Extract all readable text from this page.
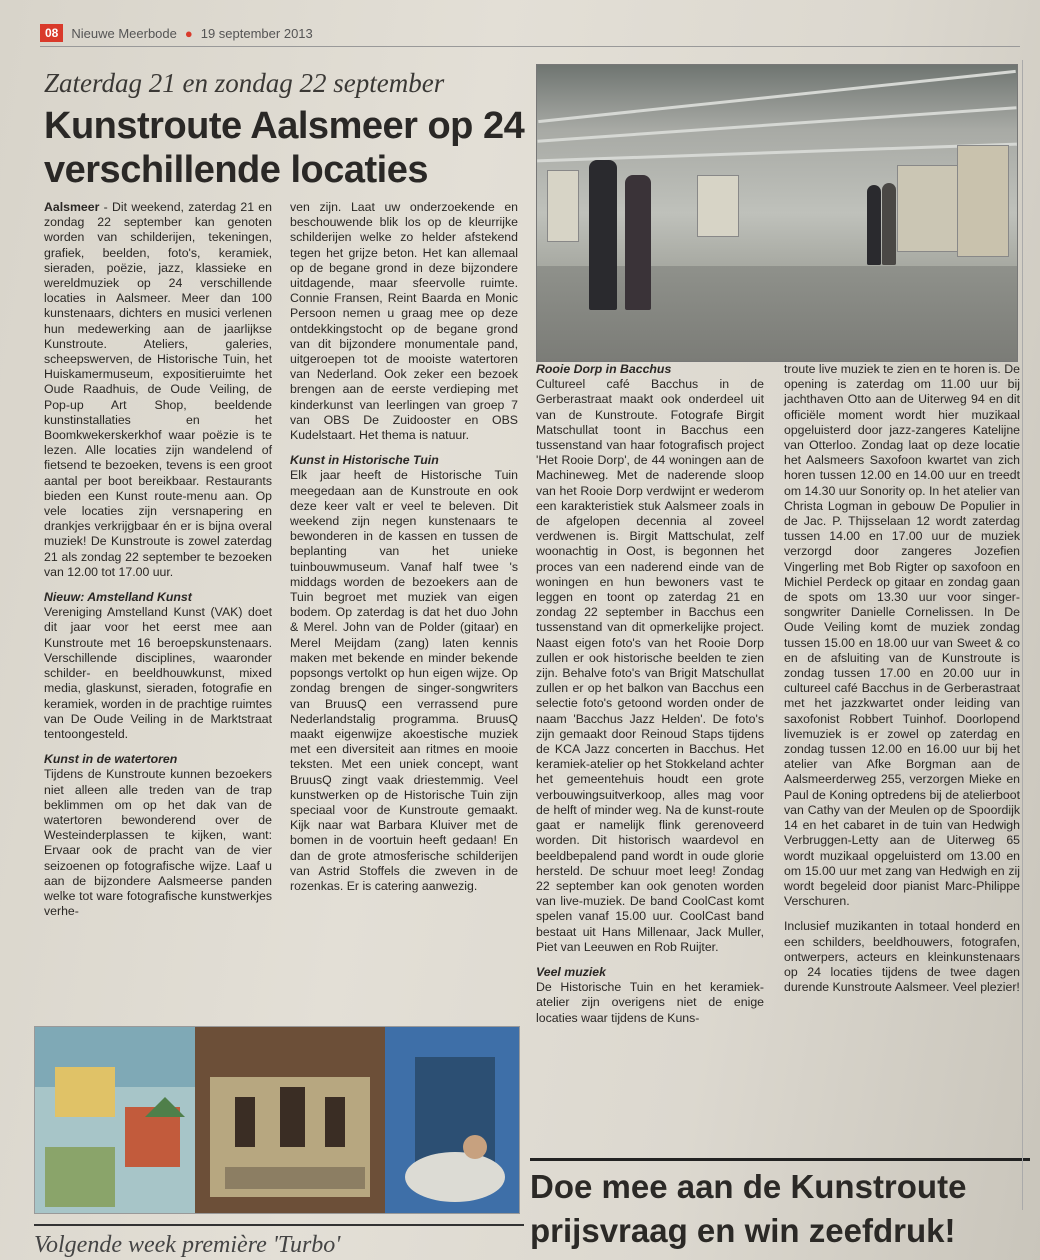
08	Nieuwe Meerbode ● 19 september 2013
Zaterdag 21 en zondag 22 september
Kunstroute Aalsmeer op 24 verschillende locaties

Aalsmeer - Dit weekend, zaterdag 21 en zondag 22 september kan genoten worden van schilderijen, tekeningen, grafiek, beelden, foto's, keramiek, sieraden, poëzie, jazz, klassieke en wereldmuziek op 24 verschillende locaties in Aalsmeer. Meer dan 100 kunstenaars, dichters en musici verlenen hun medewerking aan de jaarlijkse Kunstroute. Ateliers, galeries, scheepswerven, de Historische Tuin, het Huiskamermuseum, expositieruimte het Oude Raadhuis, de Oude Veiling, de Pop-up Art Shop, beeldende kunstinstallaties en het Boomkwekerskerkhof waar poëzie is te lezen. Alle locaties zijn wandelend of fietsend te bezoeken, tevens is een groot aantal per boot bereikbaar. Restaurants bieden een Kunst route-menu aan. Op vele locaties zijn versnapering en drankjes verkrijgbaar én er is bijna overal muziek! De Kunstroute is zowel zaterdag 21 als zondag 22 september te bezoeken van 12.00 tot 17.00 uur.

Nieuw: Amstelland Kunst

Vereniging Amstelland Kunst (VAK) doet dit jaar voor het eerst mee aan Kunstroute met 16 beroepskunstenaars. Verschillende disciplines, waaronder schilder- en beeldhouwkunst, mixed media, glaskunst, sieraden, fotografie en keramiek, worden in de prachtige ruimtes van De Oude Veiling in de Marktstraat tentoongesteld.

Kunst in de watertoren

Tijdens de Kunstroute kunnen bezoekers niet alleen alle treden van de trap beklimmen om op het dak van de watertoren bewonderend over de Westeinderplassen te kijken, want: Ervaar ook de pracht van de vier seizoenen op fotografische wijze. Laaf u aan de bijzondere Aalsmeerse panden welke tot ware fotografische kunstwerkjes verhe-

ven zijn. Laat uw onderzoekende en beschouwende blik los op de kleurrijke schilderijen welke zo helder afstekend tegen het grijze beton. Het kan allemaal op de begane grond in deze bijzondere uitdagende, maar sfeervolle ruimte. Connie Fransen, Reint Baarda en Monic Persoon nemen u graag mee op deze ontdekkingstocht op de begane grond van dit bijzondere monumentale pand, uitgeroepen tot de mooiste watertoren van Nederland. Ook zeker een bezoek brengen aan de eerste verdieping met kinderkunst van leerlingen van groep 7 van OBS De Zuidooster en OBS Kudelstaart. Het thema is natuur.

Kunst in Historische Tuin

Elk jaar heeft de Historische Tuin meegedaan aan de Kunstroute en ook deze keer valt er veel te beleven. Dit weekend zijn negen kunstenaars te bewonderen in de kassen en tussen de beplanting van het unieke tuinbouwmuseum. Vanaf half twee 's middags worden de bezoekers aan de Tuin begroet met muziek van eigen bodem. Op zaterdag is dat het duo John & Merel. John van de Polder (gitaar) en Merel Meijdam (zang) laten kennis maken met bekende en minder bekende popsongs vertolkt op hun eigen wijze. Op zondag brengen de singer-songwriters van BruusQ een verrassend pure Nederlandstalig programma. BruusQ maakt eigenwijze akoestische muziek met een diversiteit aan ritmes en mooie teksten. Met een uniek concept, want BruusQ zingt vaak driestemmig. Veel kunstwerken op de Historische Tuin zijn speciaal voor de Kunstroute gemaakt. Kijk naar wat Barbara Kluiver met de bomen in de voortuin heeft gedaan! En dan de grote atmosferische schilderijen van Astrid Stoffels die zweven in de rozenkas. Er is catering aanwezig.

Rooie Dorp in Bacchus

Cultureel café Bacchus in de Gerberastraat maakt ook onderdeel uit van de Kunstroute. Fotografe Birgit Matschullat toont in Bacchus een tussenstand van haar fotografisch project 'Het Rooie Dorp', de 44 woningen aan de Machineweg. Met de naderende sloop van het Rooie Dorp verdwijnt er wederom een karakteristiek stuk Aalsmeer zoals in de afgelopen decennia al zoveel verdwenen is. Birgit Mattschulat, zelf woonachtig in Oost, is begonnen het proces van een naderend einde van de woningen en hun bewoners vast te leggen en toont op zaterdag 21 en zondag 22 september in Bacchus een tussenstand van dit opmerkelijke project. Naast eigen foto's van het Rooie Dorp zullen er ook historische beelden te zien zijn. Behalve foto's van Brigit Matschullat zullen er op het balkon van Bacchus een selectie foto's getoond worden onder de naam 'Bacchus Jazz Helden'. De foto's zijn gemaakt door Reinoud Staps tijdens de KCA Jazz concerten in Bacchus. Het keramiek-atelier op het Stokkeland achter het gemeentehuis houdt een grote verbouwingsuitverkoop, alles mag voor de helft of minder weg. Na de kunst-route gaat er namelijk flink gerenoveerd worden. Dit historisch waardevol en beeldbepalend pand wordt in oude glorie hersteld. De schuur moet leeg! Zondag 22 september kan ook genoten worden van live-muziek. De band CoolCast komt spelen vanaf 15.00 uur. CoolCast band bestaat uit Hans Millenaar, Jack Muller, Piet van Leeuwen en Rob Ruijter.

Veel muziek

De Historische Tuin en het keramiek-atelier zijn overigens niet de enige locaties waar tijdens de Kuns-

troute live muziek te zien en te horen is. De opening is zaterdag om 11.00 uur bij jachthaven Otto aan de Uiterweg 94 en dit officiële moment wordt hier muzikaal opgeluisterd door jazz-zangeres Katelijne van Otterloo. Zondag laat op deze locatie het Aalsmeers Saxofoon kwartet van zich horen tussen 12.00 en 14.00 uur en treedt om 14.30 uur Sonority op. In het atelier van Christa Logman in gebouw De Populier in de Jac. P. Thijsselaan 12 wordt zaterdag tussen 14.00 en 17.00 uur de muziek verzorgd door zangeres Jozefien Vingerling met Bob Rigter op saxofoon en Michiel Perdeck op gitaar en zondag gaan de spots om 13.30 uur voor singer-songwriter Danielle Cornelissen. In De Oude Veiling komt de muziek zondag tussen 15.00 en 18.00 uur van Sweet & co en de afsluiting van de Kunstroute is zondag tussen 17.00 en 20.00 uur in cultureel café Bacchus in de Gerberastraat met het jazzkwartet onder leiding van saxofonist Robbert Tuinhof. Doorlopend livemuziek is er zowel op zaterdag en zondag tussen 12.00 en 16.00 uur bij het atelier van Afke Borgman aan de Aalsmeerderweg 255, verzorgen Mieke en Paul de Koning optredens bij de atelierboot van Cathy van der Meulen op de Spoordijk 14 en het cabaret in de tuin van Hedwigh Verbruggen-Letty aan de Uiterweg 65 wordt muzikaal opgeluisterd om 13.00 en om 15.00 uur met zang van Hedwigh en zij wordt begeleid door pianist Marc-Philippe Verschuren.

Inclusief muzikanten in totaal honderd en een schilders, beeldhouwers, fotografen, ontwerpers, acteurs en kleinkunstenaars op 24 locaties tijdens de twee dagen durende Kunstroute Aalsmeer. Veel plezier!

Doe mee aan de Kunstroute prijsvraag en win zeefdruk!
Volgende week première 'Turbo'
